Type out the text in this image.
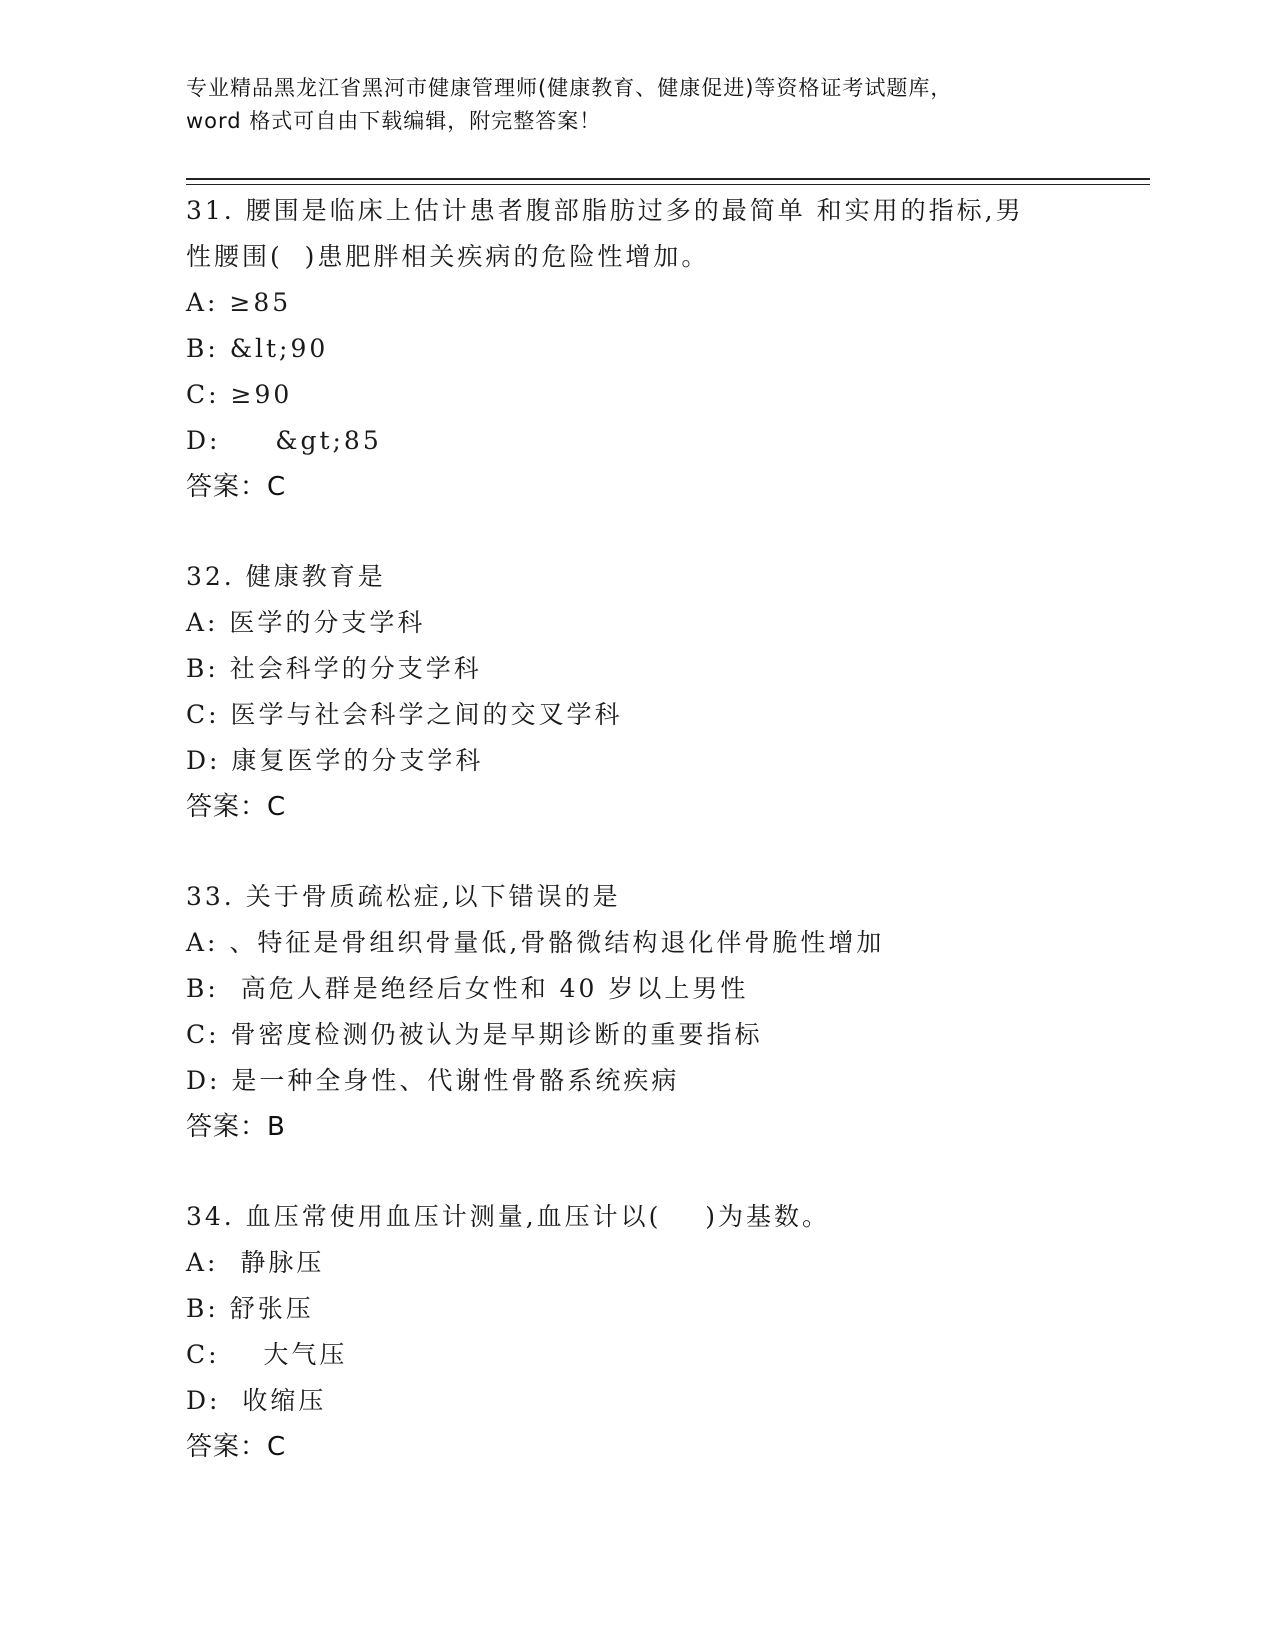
专业精品黑龙江省黑河市健康管理师(健康教育、健康促进)等资格证考试题库，
word 格式可自由下载编辑，附完整答案！
31. 腰围是临床上估计患者腹部脂肪过多的最简单 和实用的指标,男
性腰围(  )患肥胖相关疾病的危险性增加。
A: ≥85
B: &lt;90
C: ≥90
D:     &gt;85
答案：C
32. 健康教育是
A: 医学的分支学科
B: 社会科学的分支学科
C: 医学与社会科学之间的交叉学科
D: 康复医学的分支学科
答案：C
33. 关于骨质疏松症,以下错误的是
A: 、特征是骨组织骨量低,骨骼微结构退化伴骨脆性增加
B:  高危人群是绝经后女性和 40 岁以上男性
C: 骨密度检测仍被认为是早期诊断的重要指标
D: 是一种全身性、代谢性骨骼系统疾病
答案：B
34. 血压常使用血压计测量,血压计以(    )为基数。
A:  静脉压
B: 舒张压
C:    大气压
D:  收缩压
答案：C
